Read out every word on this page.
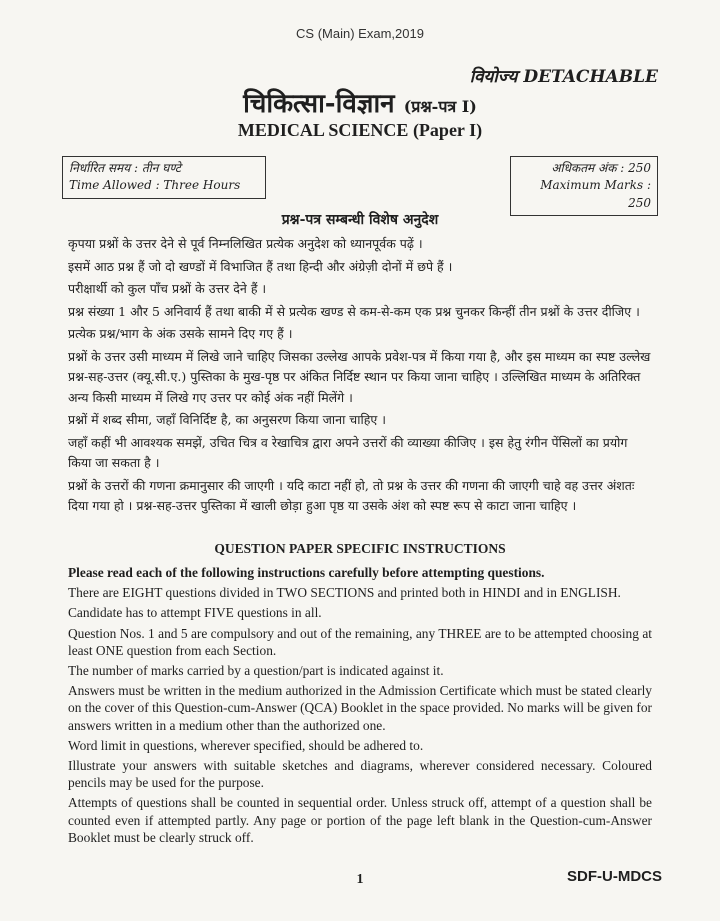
CS (Main) Exam,2019
वियोज्य DETACHABLE
चिकित्सा-विज्ञान (प्रश्न-पत्र I)
MEDICAL SCIENCE (Paper I)
निर्धारित समय : तीन घण्टे
Time Allowed : Three Hours
अधिकतम अंक : 250
Maximum Marks : 250
प्रश्न-पत्र सम्बन्धी विशेष अनुदेश

कृपया प्रश्नों के उत्तर देने से पूर्व निम्नलिखित प्रत्येक अनुदेश को ध्यानपूर्वक पढ़ें ।

इसमें आठ प्रश्न हैं जो दो खण्डों में विभाजित हैं तथा हिन्दी और अंग्रेज़ी दोनों में छपे हैं ।

परीक्षार्थी को कुल पाँच प्रश्नों के उत्तर देने हैं ।

प्रश्न संख्या 1 और 5 अनिवार्य हैं तथा बाकी में से प्रत्येक खण्ड से कम-से-कम एक प्रश्न चुनकर किन्हीं तीन प्रश्नों के उत्तर दीजिए ।

प्रत्येक प्रश्न/भाग के अंक उसके सामने दिए गए हैं ।

प्रश्नों के उत्तर उसी माध्यम में लिखे जाने चाहिए जिसका उल्लेख आपके प्रवेश-पत्र में किया गया है, और इस माध्यम का स्पष्ट उल्लेख प्रश्न-सह-उत्तर (क्यू.सी.ए.) पुस्तिका के मुख-पृष्ठ पर अंकित निर्दिष्ट स्थान पर किया जाना चाहिए । उल्लिखित माध्यम के अतिरिक्त अन्य किसी माध्यम में लिखे गए उत्तर पर कोई अंक नहीं मिलेंगे ।

प्रश्नों में शब्द सीमा, जहाँ विनिर्दिष्ट है, का अनुसरण किया जाना चाहिए ।

जहाँ कहीं भी आवश्यक समझें, उचित चित्र व रेखाचित्र द्वारा अपने उत्तरों की व्याख्या कीजिए । इस हेतु रंगीन पेंसिलों का प्रयोग किया जा सकता है ।

प्रश्नों के उत्तरों की गणना क्रमानुसार की जाएगी । यदि काटा नहीं हो, तो प्रश्न के उत्तर की गणना की जाएगी चाहे वह उत्तर अंशतः दिया गया हो । प्रश्न-सह-उत्तर पुस्तिका में खाली छोड़ा हुआ पृष्ठ या उसके अंश को स्पष्ट रूप से काटा जाना चाहिए ।

QUESTION PAPER SPECIFIC INSTRUCTIONS

Please read each of the following instructions carefully before attempting questions.

There are EIGHT questions divided in TWO SECTIONS and printed both in HINDI and in ENGLISH.

Candidate has to attempt FIVE questions in all.

Question Nos. 1 and 5 are compulsory and out of the remaining, any THREE are to be attempted choosing at least ONE question from each Section.

The number of marks carried by a question/part is indicated against it.

Answers must be written in the medium authorized in the Admission Certificate which must be stated clearly on the cover of this Question-cum-Answer (QCA) Booklet in the space provided. No marks will be given for answers written in a medium other than the authorized one.

Word limit in questions, wherever specified, should be adhered to.

Illustrate your answers with suitable sketches and diagrams, wherever considered necessary. Coloured pencils may be used for the purpose.

Attempts of questions shall be counted in sequential order. Unless struck off, attempt of a question shall be counted even if attempted partly. Any page or portion of the page left blank in the Question-cum-Answer Booklet must be clearly struck off.

1	SDF-U-MDCS
